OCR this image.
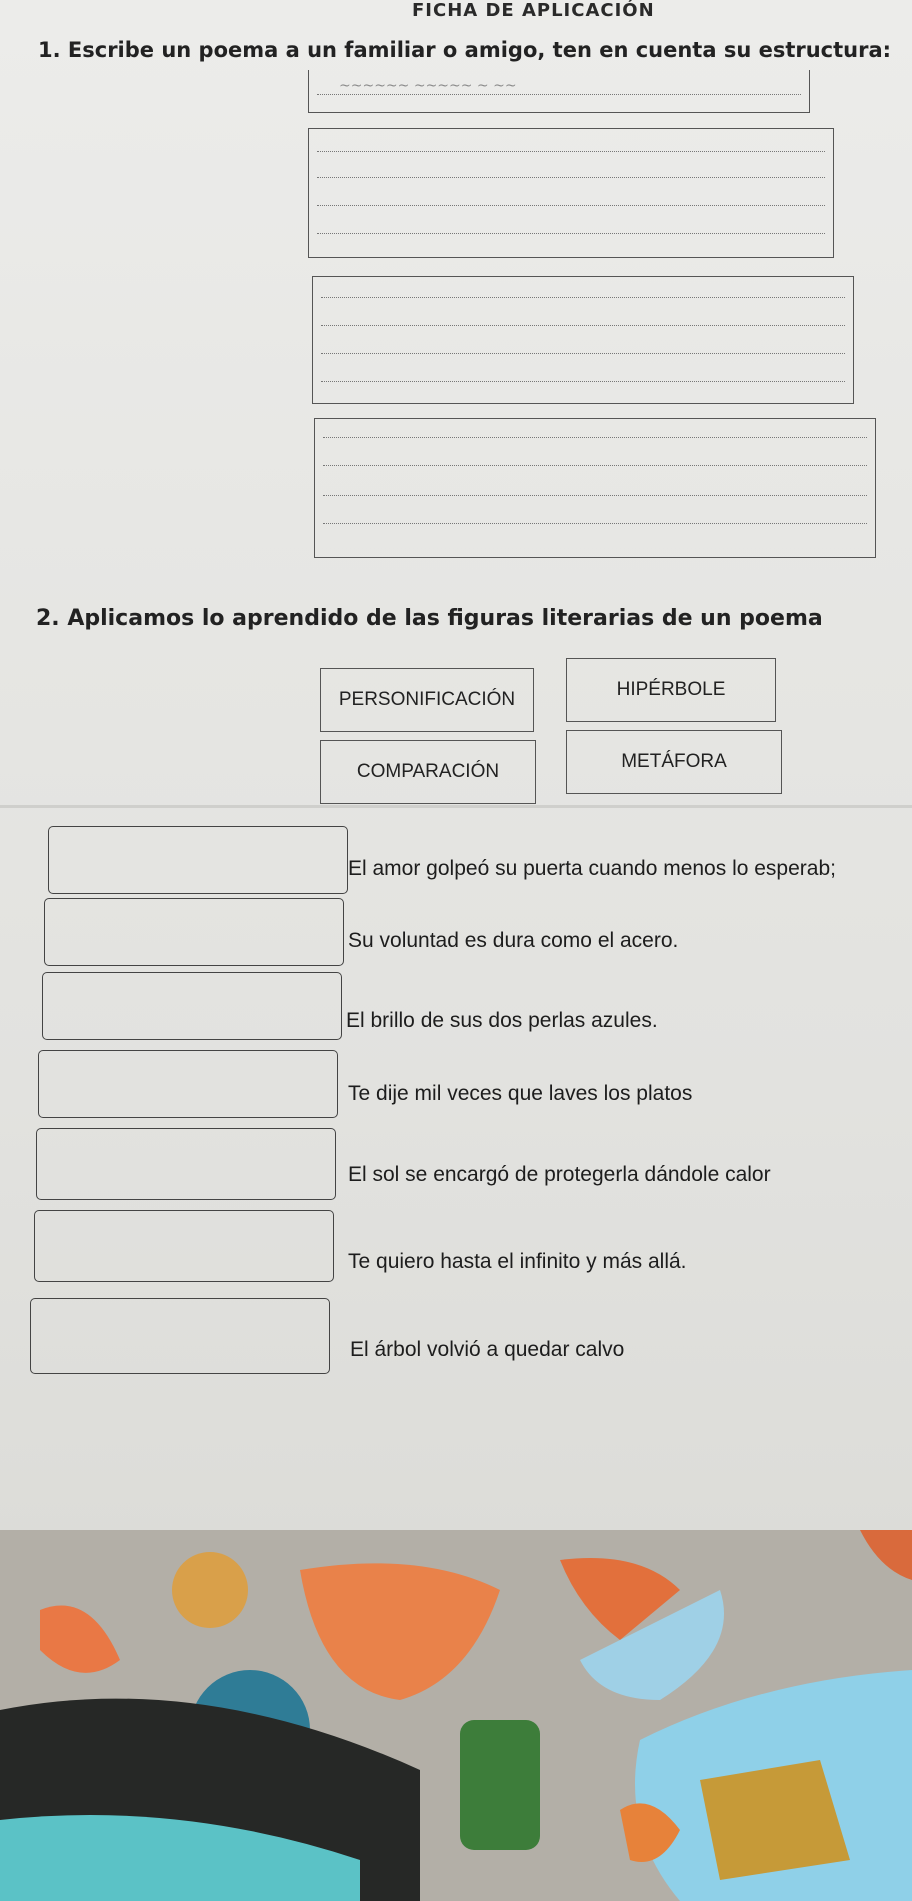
FICHA DE APLICACIÓN
1. Escribe un poema a un familiar o amigo, ten en cuenta su estructura:
~~~~~~ ~~~~~ ~ ~~
2. Aplicamos lo aprendido de las figuras literarias de un poema
PERSONIFICACIÓN	HIPÉRBOLE
COMPARACIÓN	METÁFORA
El amor golpeó su puerta cuando menos lo esperab;
Su voluntad es dura como el acero.
El brillo de sus dos perlas azules.
Te dije mil veces que laves los platos
El sol se encargó de protegerla dándole calor
Te quiero hasta el infinito y más allá.
El árbol volvió a quedar calvo
